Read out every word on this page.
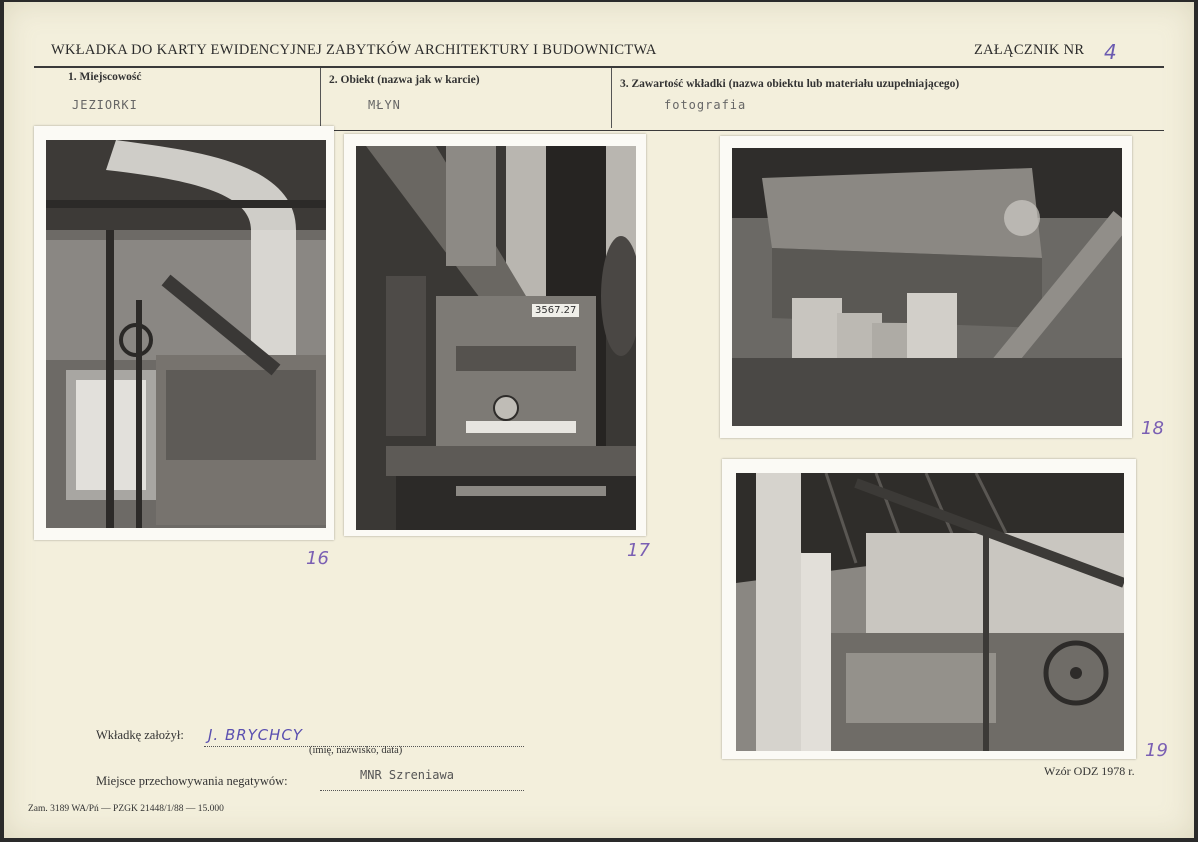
WKŁADKA DO KARTY EWIDENCYJNEJ ZABYTKÓW ARCHITEKTURY I BUDOWNICTWA	ZAŁĄCZNIK NR 4
1. Miejscowość
JEZIORKI
2. Obiekt (nazwa jak w karcie)
MŁYN
3. Zawartość wkładki (nazwa obiektu lub materiału uzupełniającego)
fotografia
16
3567.27
17
18
19
Wkładkę założył: J. BRYCHCY
(imię, nazwisko, data)
Miejsce przechowywania negatywów:	MNR Szreniawa	Wzór ODZ 1978 r.
Zam. 3189 WA/Pń — PZGK 21448/1/88 — 15.000
